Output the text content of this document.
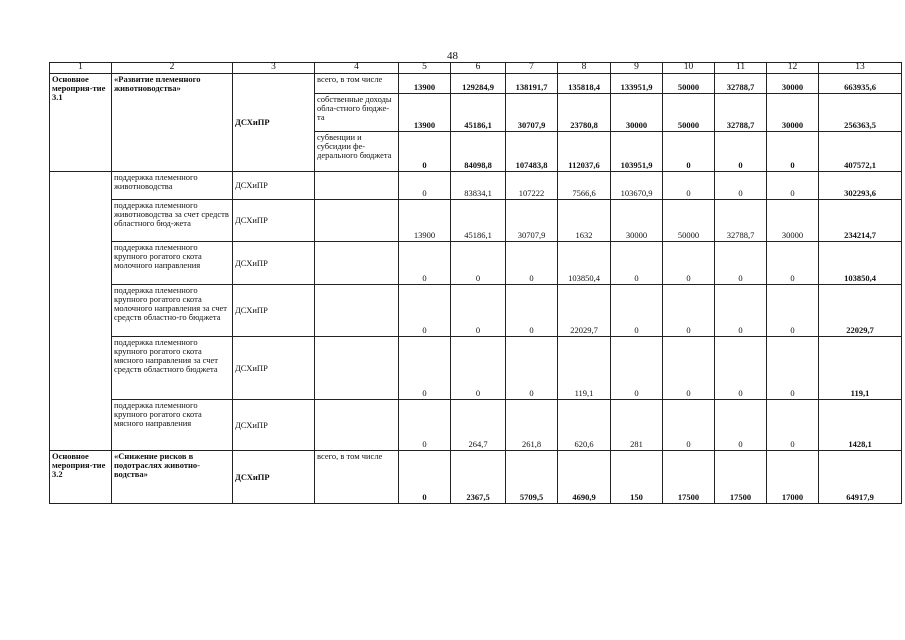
48
1	2	3	4	5	6	7	8	9	10	11	12	13
Основное мероприя-тие 3.1	«Развитие племенного животноводства»	ДСХиПР	всего, в том числе	13900	129284,9	138191,7	135818,4	133951,9	50000	32788,7	30000	663935,6
			собственные доходы обла-стного бюдже-та	13900	45186,1	30707,9	23780,8	30000	50000	32788,7	30000	256363,5
			субвенции и субсидии фе-дерального бюджета	0	84098,8	107483,8	112037,6	103951,9	0	0	0	407572,1
	поддержка племенного животноводства	ДСХиПР		0	83834,1	107222	7566,6	103670,9	0	0	0	302293,6
	поддержка племенного животноводства за счет средств областного бюд-жета	ДСХиПР		13900	45186,1	30707,9	1632	30000	50000	32788,7	30000	234214,7
	поддержка племенного крупного рогатого скота молочного направления	ДСХиПР		0	0	0	103850,4	0	0	0	0	103850,4
	поддержка племенного крупного рогатого скота молочного направления за счет средств областно-го бюджета	ДСХиПР		0	0	0	22029,7	0	0	0	0	22029,7
	поддержка племенного крупного рогатого скота мясного направления за счет средств областного бюджета	ДСХиПР		0	0	0	119,1	0	0	0	0	119,1
	поддержка племенного крупного рогатого скота мясного направления	ДСХиПР		0	264,7	261,8	620,6	281	0	0	0	1428,1
Основное мероприя-тие 3.2	«Снижение рисков в подотраслях животно-водства»	ДСХиПР	всего, в том числе	0	2367,5	5709,5	4690,9	150	17500	17500	17000	64917,9
